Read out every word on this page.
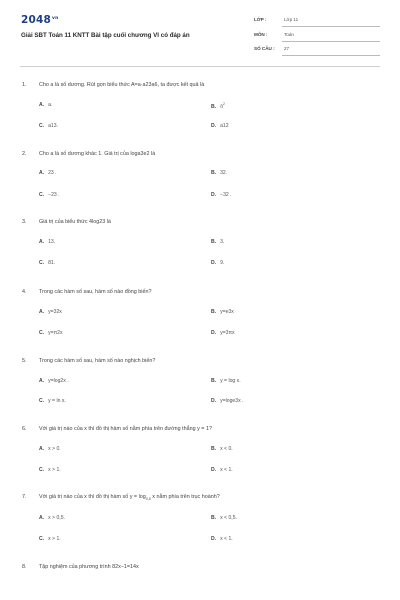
$2048^{vn}$
Giải SBT Toán 11 KNTT Bài tập cuối chương VI có đáp án
LỚP :	Lớp 11
MÔN :	Toán
SỐ CÂU : 27
1. Cho a là số dương. Rút gọn biểu thức A=a·a23a6, ta được kết quả là
A. a.	B. $a^2$
C. a13.	D. a12
2. Cho a là số dương khác 1. Giá trị của loga3e2 là
A. 23 .	B. 32.
C. −23 .	D. −32 .
3. Giá trị của biểu thức 4log23 là
A. 13.	B. 3.
C. 81.	D. 9.
4. Trong các hàm số sau, hàm số nào đồng biến?
A. y=32x	B. y=e3x
C. y=π2x	D. y=3πx
5. Trong các hàm số sau, hàm số nào nghịch biến?
A. y=log2x .	B. y = log x.
C. y = ln x.	D. y=loge3x .
6. Với giá trị nào của x thì đồ thị hàm số nằm phía trên đường thẳng y = 1?
A. x > 0.	B. x < 0.
C. x > 1.	D. x < 1.
7. Với giá trị nào của x thì đồ thị hàm số $y = \log_{0,5} x$ nằm phía trên trục hoành?
A. x > 0,5.	B. x < 0,5.
C. x > 1.	D. x < 1.
8. Tập nghiệm của phương trình 82x−1=14x
